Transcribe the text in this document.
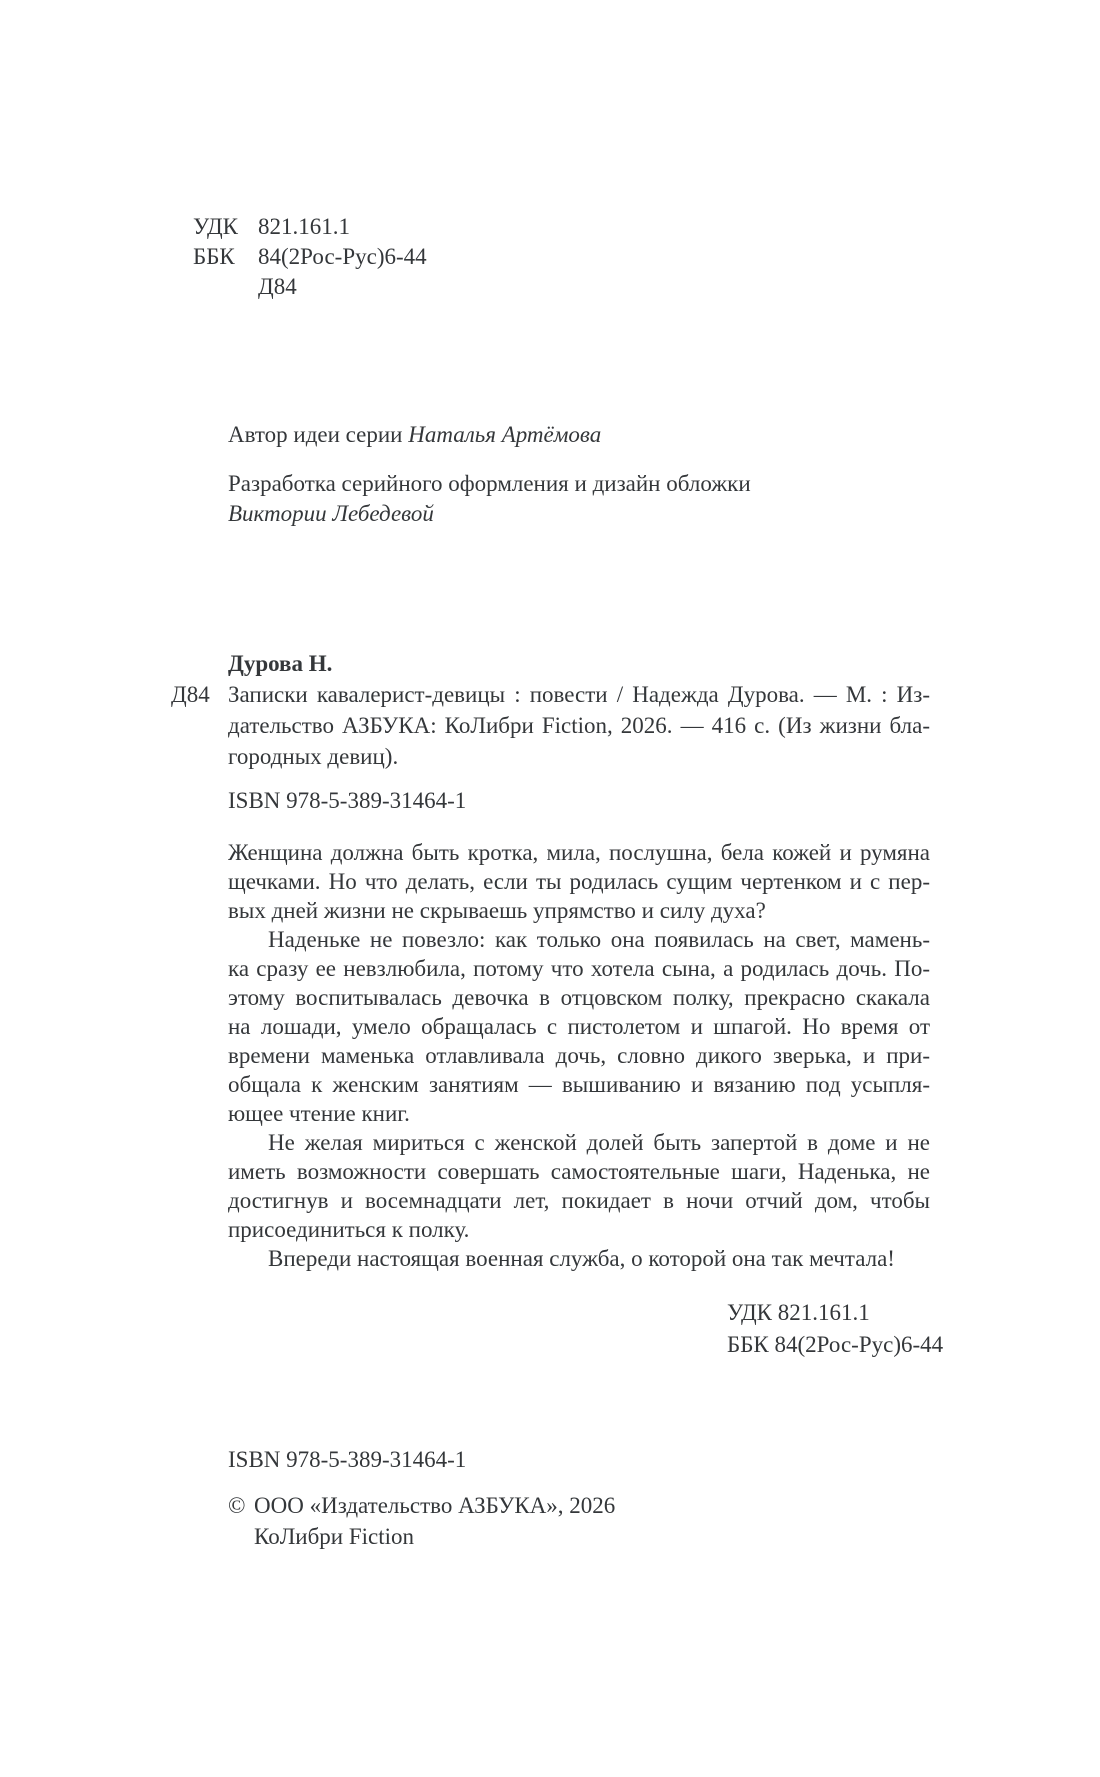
УДК 821.161.1
ББК	84(2Рос-Рус)6-44
Д84
Автор идеи серии Наталья Артёмова
Разработка серийного оформления и дизайн обложки
Виктории Лебедевой
Дурова Н.
Д84 Записки кавалерист-девицы : повести / Надежда Дурова. — М. : Из-
дательство АЗБУКА: КоЛибри Fiction, 2026. — 416 с. (Из жизни бла-
городных девиц).
ISBN 978-5-389-31464-1
Женщина должна быть кротка, мила, послушна, бела кожей и румяна
щечками. Но что делать, если ты родилась сущим чертенком и с пер-
вых дней жизни не скрываешь упрямство и силу духа?
Наденьке не повезло: как только она появилась на свет, мамень-
ка сразу ее невзлюбила, потому что хотела сына, а родилась дочь. По-
этому воспитывалась девочка в отцовском полку, прекрасно скакала
на лошади, умело обращалась с пистолетом и шпагой. Но время от
времени маменька отлавливала дочь, словно дикого зверька, и при-
общала к женским занятиям — вышиванию и вязанию под усыпля-
ющее чтение книг.
Не желая мириться с женской долей быть запертой в доме и не
иметь возможности совершать самостоятельные шаги, Наденька, не
достигнув и восемнадцати лет, покидает в ночи отчий дом, чтобы
присоединиться к полку.
Впереди настоящая военная служба, о которой она так мечтала!
УДК 821.161.1
ББК 84(2Рос-Рус)6-44
ISBN 978-5-389-31464-1
© ООО «Издательство АЗБУКА», 2026
КоЛибри Fiction
